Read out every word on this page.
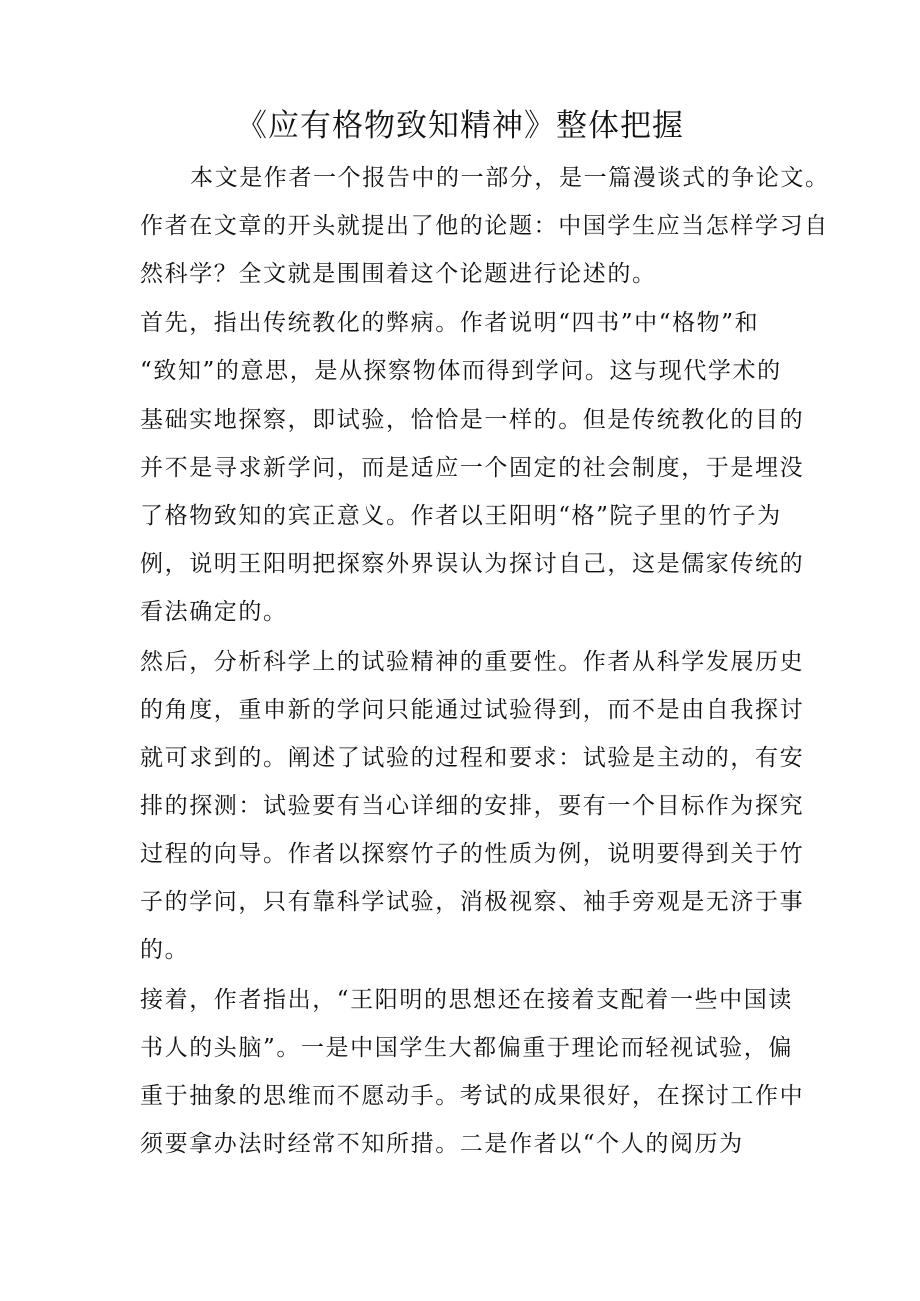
《应有格物致知精神》整体把握
本文是作者一个报告中的一部分，是一篇漫谈式的争论文。
作者在文章的开头就提出了他的论题：中国学生应当怎样学习自
然科学？全文就是围围着这个论题进行论述的。
首先，指出传统教化的弊病。作者说明“四书”中“格物”和
“致知”的意思，是从探察物体而得到学问。这与现代学术的
基础实地探察，即试验，恰恰是一样的。但是传统教化的目的
并不是寻求新学问，而是适应一个固定的社会制度，于是埋没
了格物致知的宾正意义。作者以王阳明“格”院子里的竹子为
例，说明王阳明把探察外界误认为探讨自己，这是儒家传统的
看法确定的。
然后，分析科学上的试验精神的重要性。作者从科学发展历史
的角度，重申新的学问只能通过试验得到，而不是由自我探讨
就可求到的。阐述了试验的过程和要求：试验是主动的，有安
排的探测：试验要有当心详细的安排，要有一个目标作为探究
过程的向导。作者以探察竹子的性质为例，说明要得到关于竹
子的学问，只有靠科学试验，消极视察、袖手旁观是无济于事
的。
接着，作者指出，“王阳明的思想还在接着支配着一些中国读
书人的头脑”。一是中国学生大都偏重于理论而轻视试验，偏
重于抽象的思维而不愿动手。考试的成果很好，在探讨工作中
须要拿办法时经常不知所措。二是作者以“个人的阅历为
